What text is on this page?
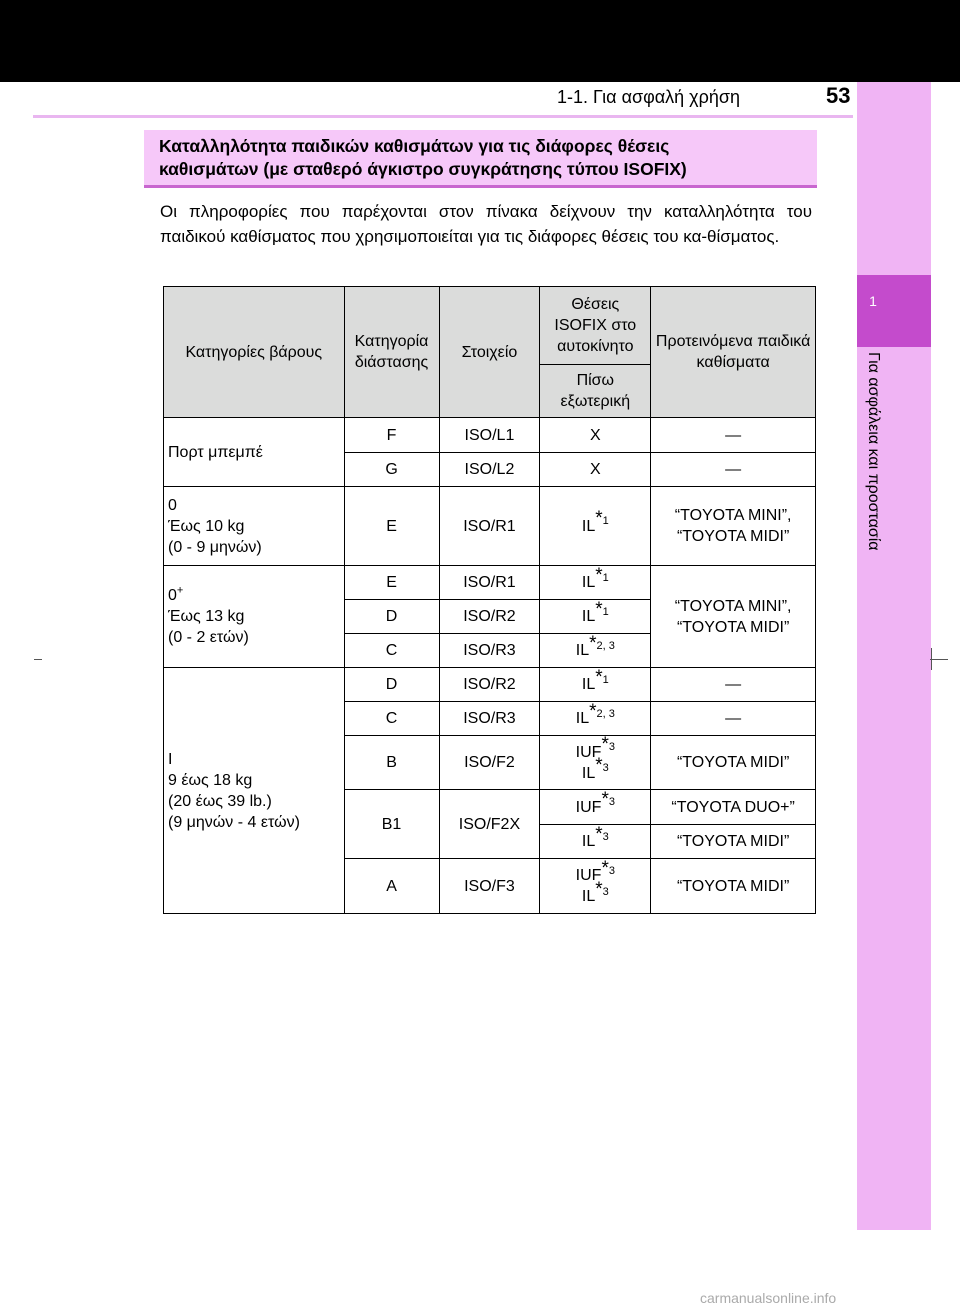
1-1. Για ασφαλή χρήση	53
1
Για ασφάλεια και προστασία
Καταλληλότητα παιδικών καθισμάτων για τις διάφορες θέσεις
καθισμάτων (με σταθερό άγκιστρο συγκράτησης τύπου ISOFIX)
Οι πληροφορίες που παρέχονται στον πίνακα δείχνουν την καταλληλότητα του παιδικού καθίσματος που χρησιμοποιείται για τις διάφορες θέσεις του κα-θίσματος.
Κατηγορίες βάρους	Κατηγορία διάστασης	Στοιχείο	Θέσεις ISOFIX στο αυτοκίνητο	Προτεινόμενα παιδικά καθίσματα
			Πίσω εξωτερική	
Πορτ μπεμπέ	F	ISO/L1	X	—
	G	ISO/L2	X	—
0
Έως 10 kg
(0 - 9 μηνών)	E	ISO/R1	IL$^{*1}$	“TOYOTA MINI”,
“TOYOTA MIDI”
0+
Έως 13 kg
(0 - 2 ετών)	E	ISO/R1	IL$^{*1}$	“TOYOTA MINI”,
“TOYOTA MIDI”
	D	ISO/R2	IL$^{*1}$
	C	ISO/R3	IL$^{*2, 3}$
I
9 έως 18 kg
(20 έως 39 lb.)
(9 μηνών - 4 ετών)	D	ISO/R2	IL$^{*1}$	—
	C	ISO/R3	IL$^{*2, 3}$	—
	B	ISO/F2	IUF$^{*3}$
IL$^{*3}$	“TOYOTA MIDI”
	B1	ISO/F2X	IUF$^{*3}$	“TOYOTA DUO+”
			IL$^{*3}$	“TOYOTA MIDI”
	A	ISO/F3	IUF$^{*3}$
IL$^{*3}$	“TOYOTA MIDI”
carmanualsonline.info
